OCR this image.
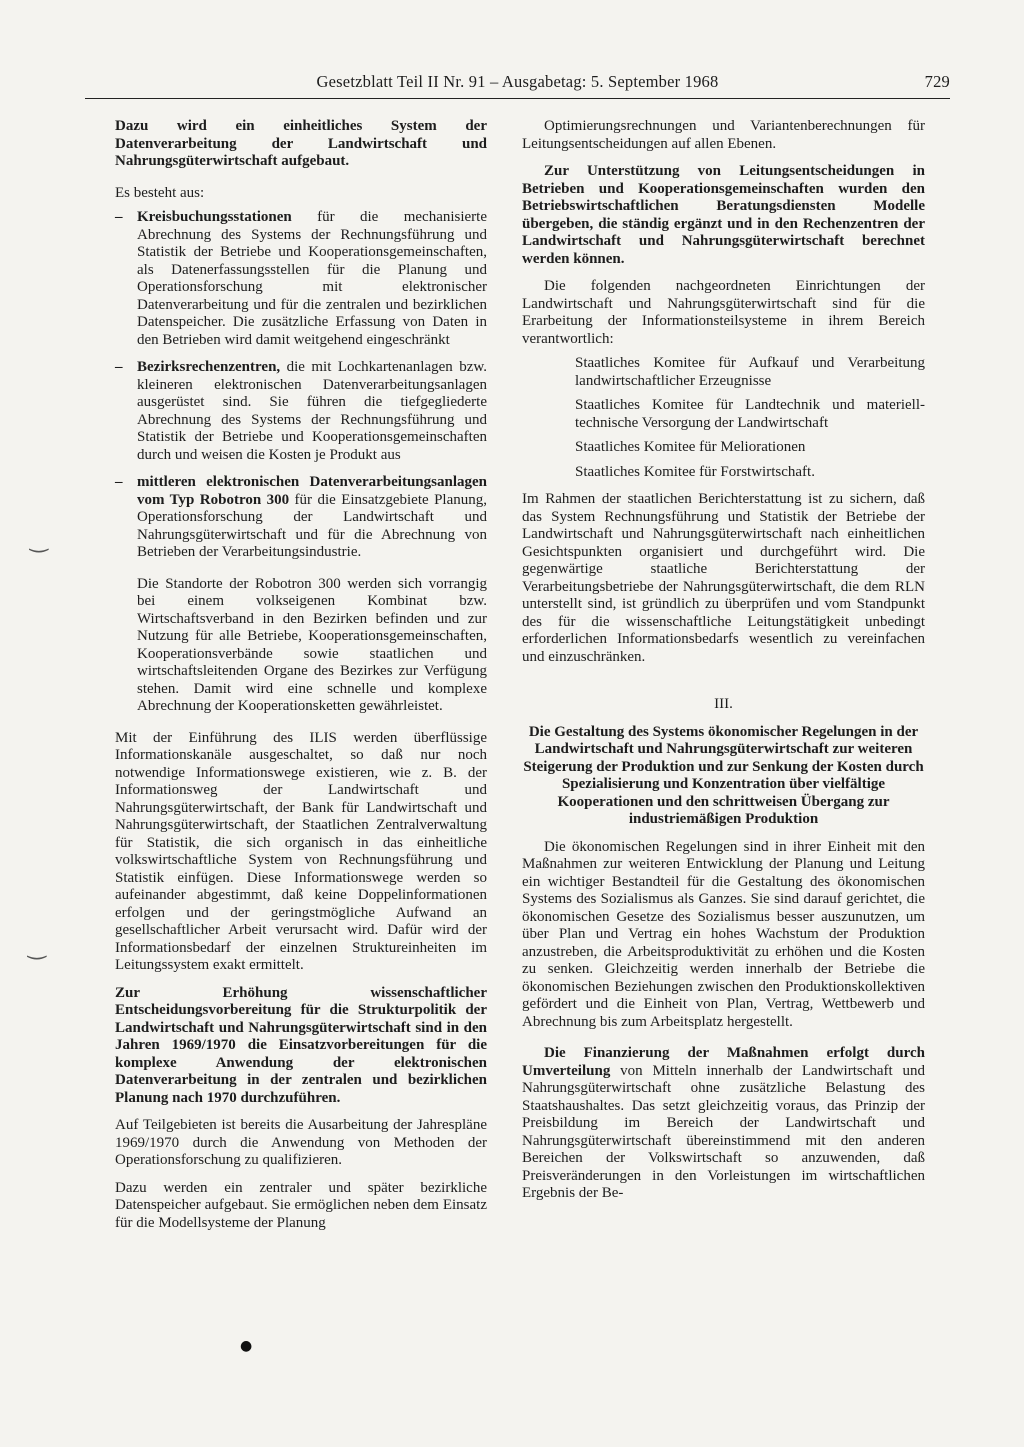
Gesetzblatt Teil II Nr. 91 – Ausgabetag: 5. September 1968	729

Dazu wird ein einheitliches System der Datenverarbeitung der Landwirtschaft und Nahrungsgüterwirtschaft aufgebaut.

Es besteht aus:

– Kreisbuchungsstationen für die mechanisierte Abrechnung des Systems der Rechnungsführung und Statistik der Betriebe und Kooperationsgemeinschaften, als Datenerfassungsstellen für die Planung und Operationsforschung mit elektronischer Datenverarbeitung und für die zentralen und bezirklichen Datenspeicher. Die zusätzliche Erfassung von Daten in den Betrieben wird damit weitgehend eingeschränkt

– Bezirksrechenzentren, die mit Lochkartenanlagen bzw. kleineren elektronischen Datenverarbeitungsanlagen ausgerüstet sind. Sie führen die tiefgegliederte Abrechnung des Systems der Rechnungsführung und Statistik der Betriebe und Kooperationsgemeinschaften durch und weisen die Kosten je Produkt aus

– mittleren elektronischen Datenverarbeitungsanlagen vom Typ Robotron 300 für die Einsatzgebiete Planung, Operationsforschung der Landwirtschaft und Nahrungsgüterwirtschaft und für die Abrechnung von Betrieben der Verarbeitungsindustrie.

Die Standorte der Robotron 300 werden sich vorrangig bei einem volkseigenen Kombinat bzw. Wirtschaftsverband in den Bezirken befinden und zur Nutzung für alle Betriebe, Kooperationsgemeinschaften, Kooperationsverbände sowie staatlichen und wirtschaftsleitenden Organe des Bezirkes zur Verfügung stehen. Damit wird eine schnelle und komplexe Abrechnung der Kooperationsketten gewährleistet.

Mit der Einführung des ILIS werden überflüssige Informationskanäle ausgeschaltet, so daß nur noch notwendige Informationswege existieren, wie z. B. der Informationsweg der Landwirtschaft und Nahrungsgüterwirtschaft, der Bank für Landwirtschaft und Nahrungsgüterwirtschaft, der Staatlichen Zentralverwaltung für Statistik, die sich organisch in das einheitliche volkswirtschaftliche System von Rechnungsführung und Statistik einfügen. Diese Informationswege werden so aufeinander abgestimmt, daß keine Doppelinformationen erfolgen und der geringstmögliche Aufwand an gesellschaftlicher Arbeit verursacht wird. Dafür wird der Informationsbedarf der einzelnen Struktureinheiten im Leitungssystem exakt ermittelt.

Zur Erhöhung wissenschaftlicher Entscheidungsvorbereitung für die Strukturpolitik der Landwirtschaft und Nahrungsgüterwirtschaft sind in den Jahren 1969/1970 die Einsatzvorbereitungen für die komplexe Anwendung der elektronischen Datenverarbeitung in der zentralen und bezirklichen Planung nach 1970 durchzuführen.

Auf Teilgebieten ist bereits die Ausarbeitung der Jahrespläne 1969/1970 durch die Anwendung von Methoden der Operationsforschung zu qualifizieren.

Dazu werden ein zentraler und später bezirkliche Datenspeicher aufgebaut. Sie ermöglichen neben dem Einsatz für die Modellsysteme der Planung

Optimierungsrechnungen und Variantenberechnungen für Leitungsentscheidungen auf allen Ebenen.

Zur Unterstützung von Leitungsentscheidungen in Betrieben und Kooperationsgemeinschaften wurden den Betriebswirtschaftlichen Beratungsdiensten Modelle übergeben, die ständig ergänzt und in den Rechenzentren der Landwirtschaft und Nahrungsgüterwirtschaft berechnet werden können.

Die folgenden nachgeordneten Einrichtungen der Landwirtschaft und Nahrungsgüterwirtschaft sind für die Erarbeitung der Informationsteilsysteme in ihrem Bereich verantwortlich:

Staatliches Komitee für Aufkauf und Verarbeitung landwirtschaftlicher Erzeugnisse

Staatliches Komitee für Landtechnik und materiell-technische Versorgung der Landwirtschaft

Staatliches Komitee für Meliorationen

Staatliches Komitee für Forstwirtschaft.

Im Rahmen der staatlichen Berichterstattung ist zu sichern, daß das System Rechnungsführung und Statistik der Betriebe der Landwirtschaft und Nahrungsgüterwirtschaft nach einheitlichen Gesichtspunkten organisiert und durchgeführt wird. Die gegenwärtige staatliche Berichterstattung der Verarbeitungsbetriebe der Nahrungsgüterwirtschaft, die dem RLN unterstellt sind, ist gründlich zu überprüfen und vom Standpunkt des für die wissenschaftliche Leitungstätigkeit unbedingt erforderlichen Informationsbedarfs wesentlich zu vereinfachen und einzuschränken.

III.

Die Gestaltung des Systems ökonomischer Regelungen in der Landwirtschaft und Nahrungsgüterwirtschaft zur weiteren Steigerung der Produktion und zur Senkung der Kosten durch Spezialisierung und Konzentration über vielfältige Kooperationen und den schrittweisen Übergang zur industriemäßigen Produktion

Die ökonomischen Regelungen sind in ihrer Einheit mit den Maßnahmen zur weiteren Entwicklung der Planung und Leitung ein wichtiger Bestandteil für die Gestaltung des ökonomischen Systems des Sozialismus als Ganzes. Sie sind darauf gerichtet, die ökonomischen Gesetze des Sozialismus besser auszunutzen, um über Plan und Vertrag ein hohes Wachstum der Produktion anzustreben, die Arbeitsproduktivität zu erhöhen und die Kosten zu senken. Gleichzeitig werden innerhalb der Betriebe die ökonomischen Beziehungen zwischen den Produktionskollektiven gefördert und die Einheit von Plan, Vertrag, Wettbewerb und Abrechnung bis zum Arbeitsplatz hergestellt.

Die Finanzierung der Maßnahmen erfolgt durch Umverteilung von Mitteln innerhalb der Landwirtschaft und Nahrungsgüterwirtschaft ohne zusätzliche Belastung des Staatshaushaltes. Das setzt gleichzeitig voraus, das Prinzip der Preisbildung im Bereich der Landwirtschaft und Nahrungsgüterwirtschaft übereinstimmend mit den anderen Bereichen der Volkswirtschaft so anzuwenden, daß Preisveränderungen in den Vorleistungen im wirtschaftlichen Ergebnis der Be-

‿
‿
●
